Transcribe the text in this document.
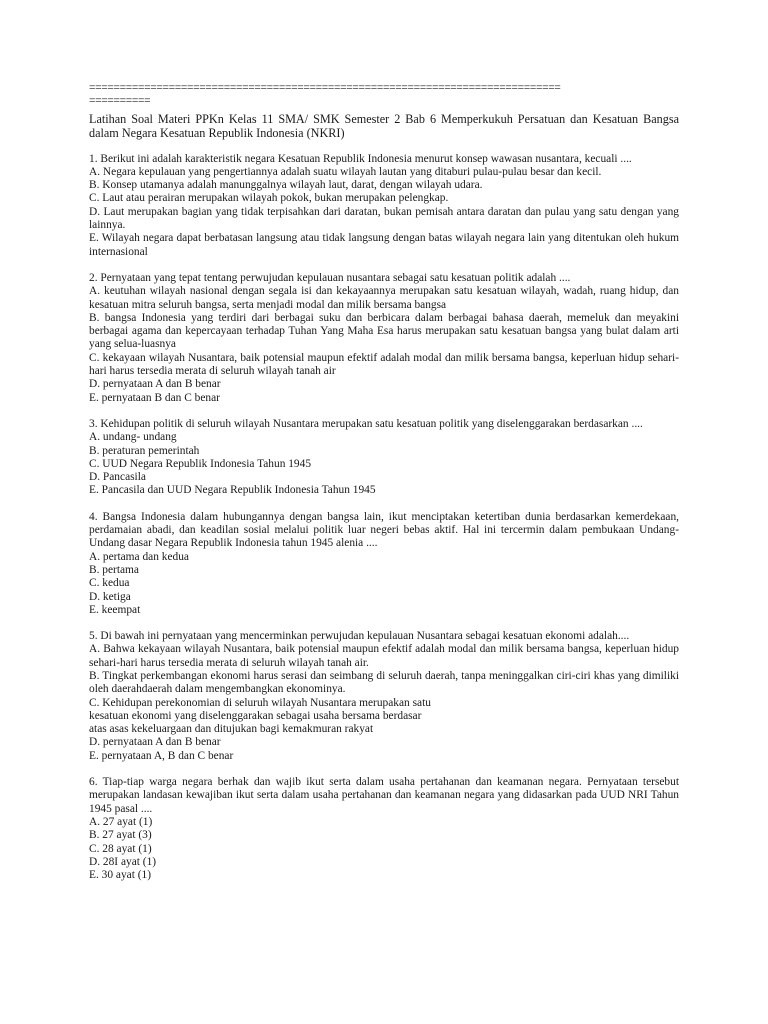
=============================================================================
==========
Latihan Soal Materi PPKn Kelas 11 SMA/ SMK Semester 2 Bab 6 Memperkukuh Persatuan dan Kesatuan Bangsa dalam Negara Kesatuan Republik Indonesia (NKRI)

1. Berikut ini adalah karakteristik negara Kesatuan Republik Indonesia menurut konsep wawasan nusantara, kecuali ....

A. Negara kepulauan yang pengertiannya adalah suatu wilayah lautan yang ditaburi pulau-pulau besar dan kecil.

B. Konsep utamanya adalah manunggalnya wilayah laut, darat, dengan wilayah udara.

C. Laut atau perairan merupakan wilayah pokok, bukan merupakan pelengkap.

D. Laut merupakan bagian yang tidak terpisahkan dari daratan, bukan pemisah antara daratan dan pulau yang satu dengan yang lainnya.

E. Wilayah negara dapat berbatasan langsung atau tidak langsung dengan batas wilayah negara lain yang ditentukan oleh hukum internasional

2. Pernyataan yang tepat tentang perwujudan kepulauan nusantara sebagai satu kesatuan politik adalah ....

A. keutuhan wilayah nasional dengan segala isi dan kekayaannya merupakan satu kesatuan wilayah, wadah, ruang hidup, dan kesatuan mitra seluruh bangsa, serta menjadi modal dan milik bersama bangsa

B. bangsa Indonesia yang terdiri dari berbagai suku dan berbicara dalam berbagai bahasa daerah, memeluk dan meyakini berbagai agama dan kepercayaan terhadap Tuhan Yang Maha Esa harus merupakan satu kesatuan bangsa yang bulat dalam arti yang selua-luasnya

C. kekayaan wilayah Nusantara, baik potensial maupun efektif adalah modal dan milik bersama bangsa, keperluan hidup sehari-hari harus tersedia merata di seluruh wilayah tanah air

D. pernyataan A dan B benar

E. pernyataan B dan C benar

3. Kehidupan politik di seluruh wilayah Nusantara merupakan satu kesatuan politik yang diselenggarakan berdasarkan ....

A. undang- undang

B. peraturan pemerintah

C. UUD Negara Republik Indonesia Tahun 1945

D. Pancasila

E. Pancasila dan UUD Negara Republik Indonesia Tahun 1945

4. Bangsa Indonesia dalam hubungannya dengan bangsa lain, ikut menciptakan ketertiban dunia berdasarkan kemerdekaan, perdamaian abadi, dan keadilan sosial melalui politik luar negeri bebas aktif. Hal ini tercermin dalam pembukaan Undang- Undang dasar Negara Republik Indonesia tahun 1945 alenia ....

A. pertama dan kedua

B. pertama

C. kedua

D. ketiga

E. keempat

5. Di bawah ini pernyataan yang mencerminkan perwujudan kepulauan Nusantara sebagai kesatuan ekonomi adalah....

A. Bahwa kekayaan wilayah Nusantara, baik potensial maupun efektif adalah modal dan milik bersama bangsa, keperluan hidup sehari-hari harus tersedia merata di seluruh wilayah tanah air.

B. Tingkat perkembangan ekonomi harus serasi dan seimbang di seluruh daerah, tanpa meninggalkan ciri-ciri khas yang dimiliki oleh daerahdaerah dalam mengembangkan ekonominya.

C. Kehidupan perekonomian di seluruh wilayah Nusantara merupakan satu

kesatuan ekonomi yang diselenggarakan sebagai usaha bersama berdasar

atas asas kekeluargaan dan ditujukan bagi kemakmuran rakyat

D. pernyataan A dan B benar

E. pernyataan A, B dan C benar

6. Tiap-tiap warga negara berhak dan wajib ikut serta dalam usaha pertahanan dan keamanan negara. Pernyataan tersebut merupakan landasan kewajiban ikut serta dalam usaha pertahanan dan keamanan negara yang didasarkan pada UUD NRI Tahun 1945 pasal ....

A. 27 ayat (1)

B. 27 ayat (3)

C. 28 ayat (1)

D. 28I ayat (1)

E. 30 ayat (1)
